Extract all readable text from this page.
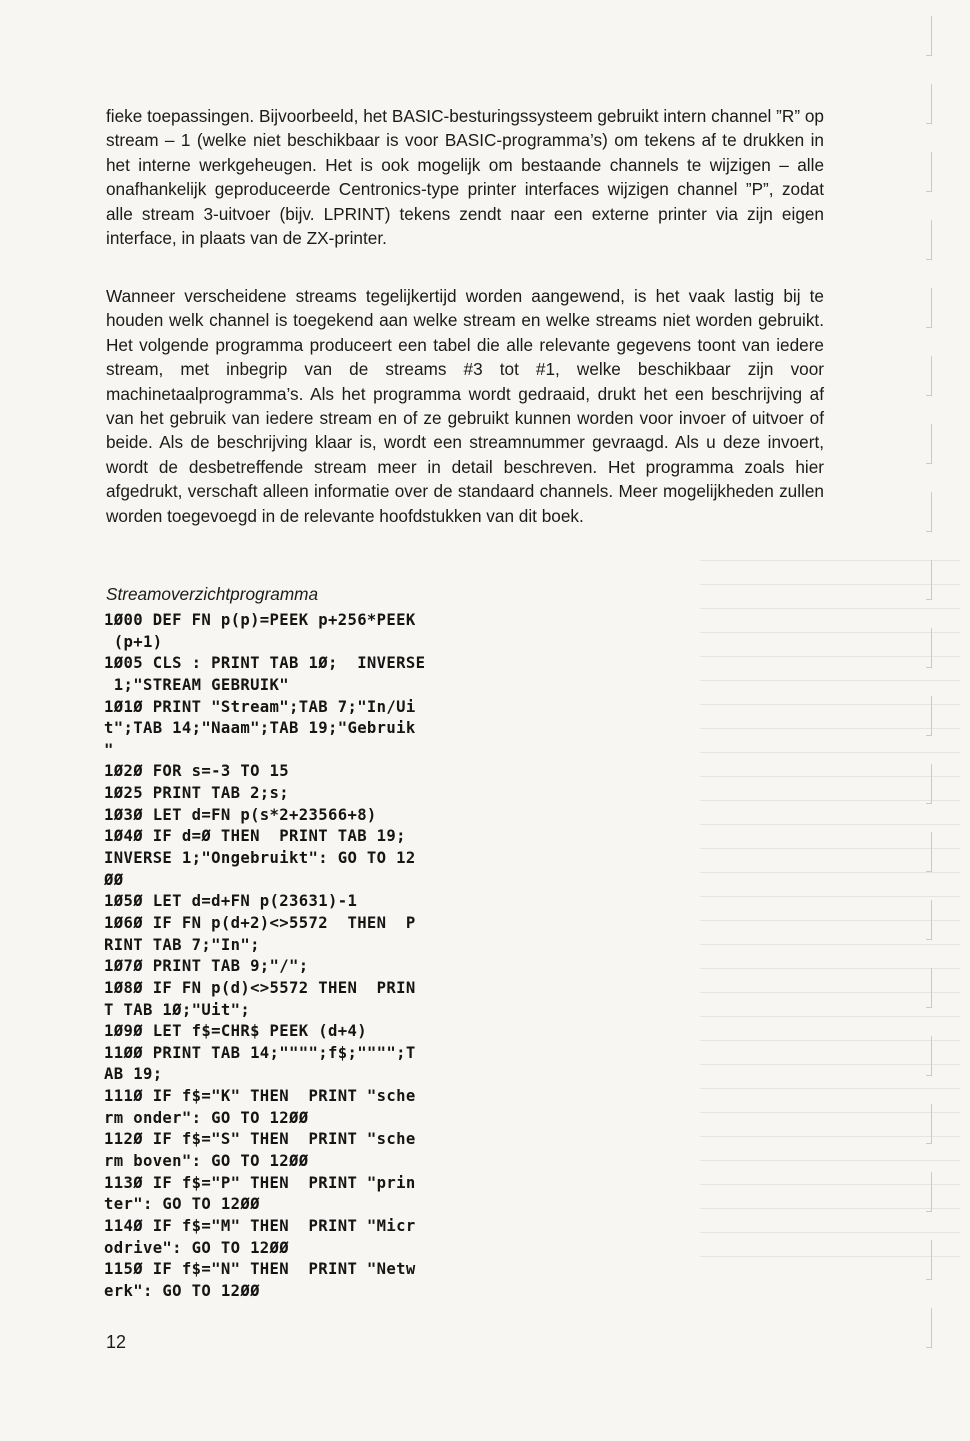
fieke toepassingen. Bijvoorbeeld, het BASIC-besturingssysteem gebruikt intern channel ”R” op stream – 1 (welke niet beschikbaar is voor BASIC-programma’s) om tekens af te drukken in het interne werkgeheugen. Het is ook mogelijk om bestaande channels te wijzigen – alle onafhankelijk geproduceerde Centronics-type printer interfaces wijzigen channel ”P”, zodat alle stream 3-uitvoer (bijv. LPRINT) tekens zendt naar een externe printer via zijn eigen interface, in plaats van de ZX-printer.

Wanneer verscheidene streams tegelijkertijd worden aangewend, is het vaak lastig bij te houden welk channel is toegekend aan welke stream en welke streams niet worden gebruikt. Het volgende programma produceert een tabel die alle relevante gegevens toont van iedere stream, met inbegrip van de streams #3 tot #1, welke beschikbaar zijn voor machinetaalprogramma’s. Als het programma wordt gedraaid, drukt het een beschrijving af van het gebruik van iedere stream en of ze gebruikt kunnen worden voor invoer of uitvoer of beide. Als de beschrijving klaar is, wordt een streamnummer gevraagd. Als u deze invoert, wordt de desbetreffende stream meer in detail beschreven. Het programma zoals hier afgedrukt, verschaft alleen informatie over de standaard channels. Meer mogelijkheden zullen worden toegevoegd in de relevante hoofdstukken van dit boek.

Streamoverzichtprogramma

1Ø00 DEF FN p(p)=PEEK p+256*PEEK
(p+1)
1Ø05 CLS : PRINT TAB 1Ø;  INVERSE
1;"STREAM GEBRUIK"
1Ø1Ø PRINT "Stream";TAB 7;"In/Ui
t";TAB 14;"Naam";TAB 19;"Gebruik
"
1Ø2Ø FOR s=-3 TO 15
1Ø25 PRINT TAB 2;s;
1Ø3Ø LET d=FN p(s*2+23566+8)
1Ø4Ø IF d=Ø THEN  PRINT TAB 19;
INVERSE 1;"Ongebruikt": GO TO 12
ØØ
1Ø5Ø LET d=d+FN p(23631)-1
1Ø6Ø IF FN p(d+2)<>5572  THEN  P
RINT TAB 7;"In";
1Ø7Ø PRINT TAB 9;"/";
1Ø8Ø IF FN p(d)<>5572 THEN  PRIN
T TAB 1Ø;"Uit";
1Ø9Ø LET f$=CHR$ PEEK (d+4)
11ØØ PRINT TAB 14;"""";f$;"""";T
AB 19;
111Ø IF f$="K" THEN  PRINT "sche
rm onder": GO TO 12ØØ
112Ø IF f$="S" THEN  PRINT "sche
rm boven": GO TO 12ØØ
113Ø IF f$="P" THEN  PRINT "prin
ter": GO TO 12ØØ
114Ø IF f$="M" THEN  PRINT "Micr
odrive": GO TO 12ØØ
115Ø IF f$="N" THEN  PRINT "Netw
erk": GO TO 12ØØ
12
